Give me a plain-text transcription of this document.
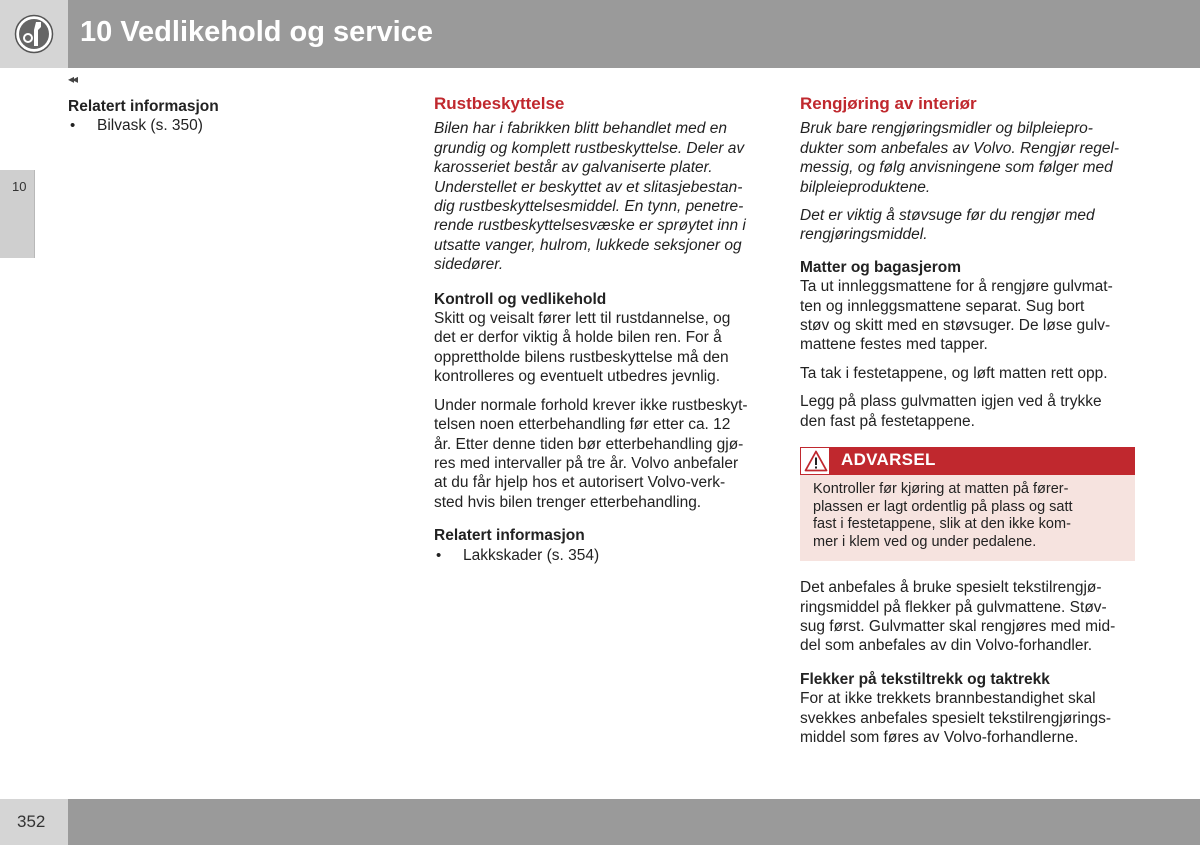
10 Vedlikehold og service
◂◂
10
Relatert informasjon
• Bilvask (s. 350)
Rustbeskyttelse
Bilen har i fabrikken blitt behandlet med en
grundig og komplett rustbeskyttelse. Deler av
karosseriet består av galvaniserte plater.
Understellet er beskyttet av et slitasjebestan-
dig rustbeskyttelsesmiddel. En tynn, penetre-
rende rustbeskyttelsesvæske er sprøytet inn i
utsatte vanger, hulrom, lukkede seksjoner og
sidedører.
Kontroll og vedlikehold
Skitt og veisalt fører lett til rustdannelse, og
det er derfor viktig å holde bilen ren. For å
opprettholde bilens rustbeskyttelse må den
kontrolleres og eventuelt utbedres jevnlig.
Under normale forhold krever ikke rustbeskyt-
telsen noen etterbehandling før etter ca. 12
år. Etter denne tiden bør etterbehandling gjø-
res med intervaller på tre år. Volvo anbefaler
at du får hjelp hos et autorisert Volvo-verk-
sted hvis bilen trenger etterbehandling.
Relatert informasjon
• Lakkskader (s. 354)
Rengjøring av interiør
Bruk bare rengjøringsmidler og bilpleiepro-
dukter som anbefales av Volvo. Rengjør regel-
messig, og følg anvisningene som følger med
bilpleieproduktene.
Det er viktig å støvsuge før du rengjør med
rengjøringsmiddel.
Matter og bagasjerom
Ta ut innleggsmattene for å rengjøre gulvmat-
ten og innleggsmattene separat. Sug bort
støv og skitt med en støvsuger. De løse gulv-
mattene festes med tapper.
Ta tak i festetappene, og løft matten rett opp.
Legg på plass gulvmatten igjen ved å trykke
den fast på festetappene.
ADVARSEL
Kontroller før kjøring at matten på fører-
plassen er lagt ordentlig på plass og satt
fast i festetappene, slik at den ikke kom-
mer i klem ved og under pedalene.
Det anbefales å bruke spesielt tekstilrengjø-
ringsmiddel på flekker på gulvmattene. Støv-
sug først. Gulvmatter skal rengjøres med mid-
del som anbefales av din Volvo-forhandler.
Flekker på tekstiltrekk og taktrekk
For at ikke trekkets brannbestandighet skal
svekkes anbefales spesielt tekstilrengjørings-
middel som føres av Volvo-forhandlerne.
352
